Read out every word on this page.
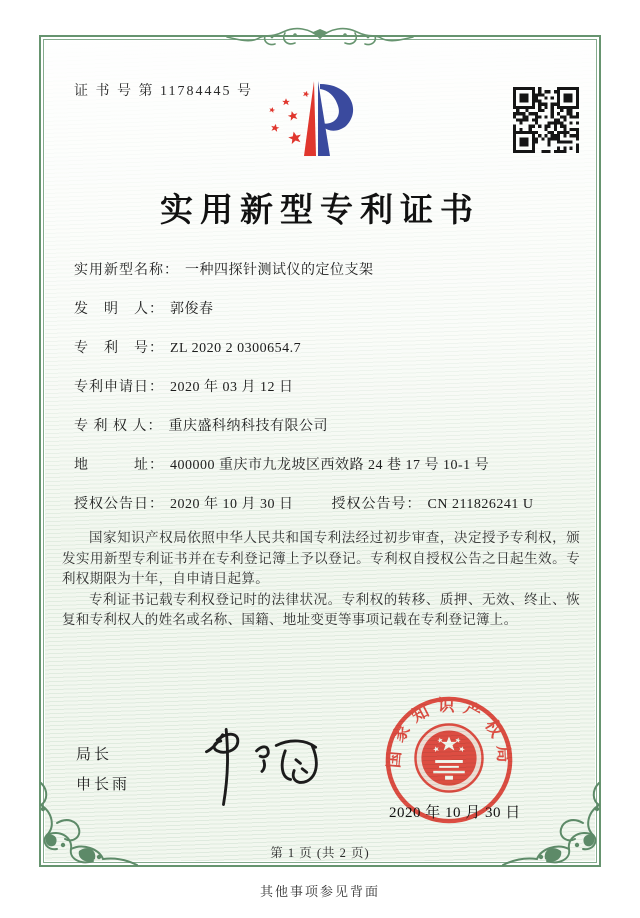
证 书 号 第 11784445 号
实用新型专利证书
实用新型名称： 一种四探针测试仪的定位支架
发　明　人： 郭俊春
专　利　号： ZL 2020 2 0300654.7
专利申请日： 2020 年 03 月 12 日
专 利 权 人： 重庆盛科纳科技有限公司
地　　　址： 400000 重庆市九龙坡区西效路 24 巷 17 号 10-1 号
授权公告日： 2020 年 10 月 30 日	授权公告号： CN 211826241 U

国家知识产权局依照中华人民共和国专利法经过初步审查，决定授予专利权，颁发实用新型专利证书并在专利登记簿上予以登记。专利权自授权公告之日起生效。专利权期限为十年，自申请日起算。

专利证书记载专利权登记时的法律状况。专利权的转移、质押、无效、终止、恢复和专利权人的姓名或名称、国籍、地址变更等事项记载在专利登记簿上。

局长
申长雨
国家知识产权局
2020 年 10 月 30 日
第 1 页 (共 2 页)
其他事项参见背面
